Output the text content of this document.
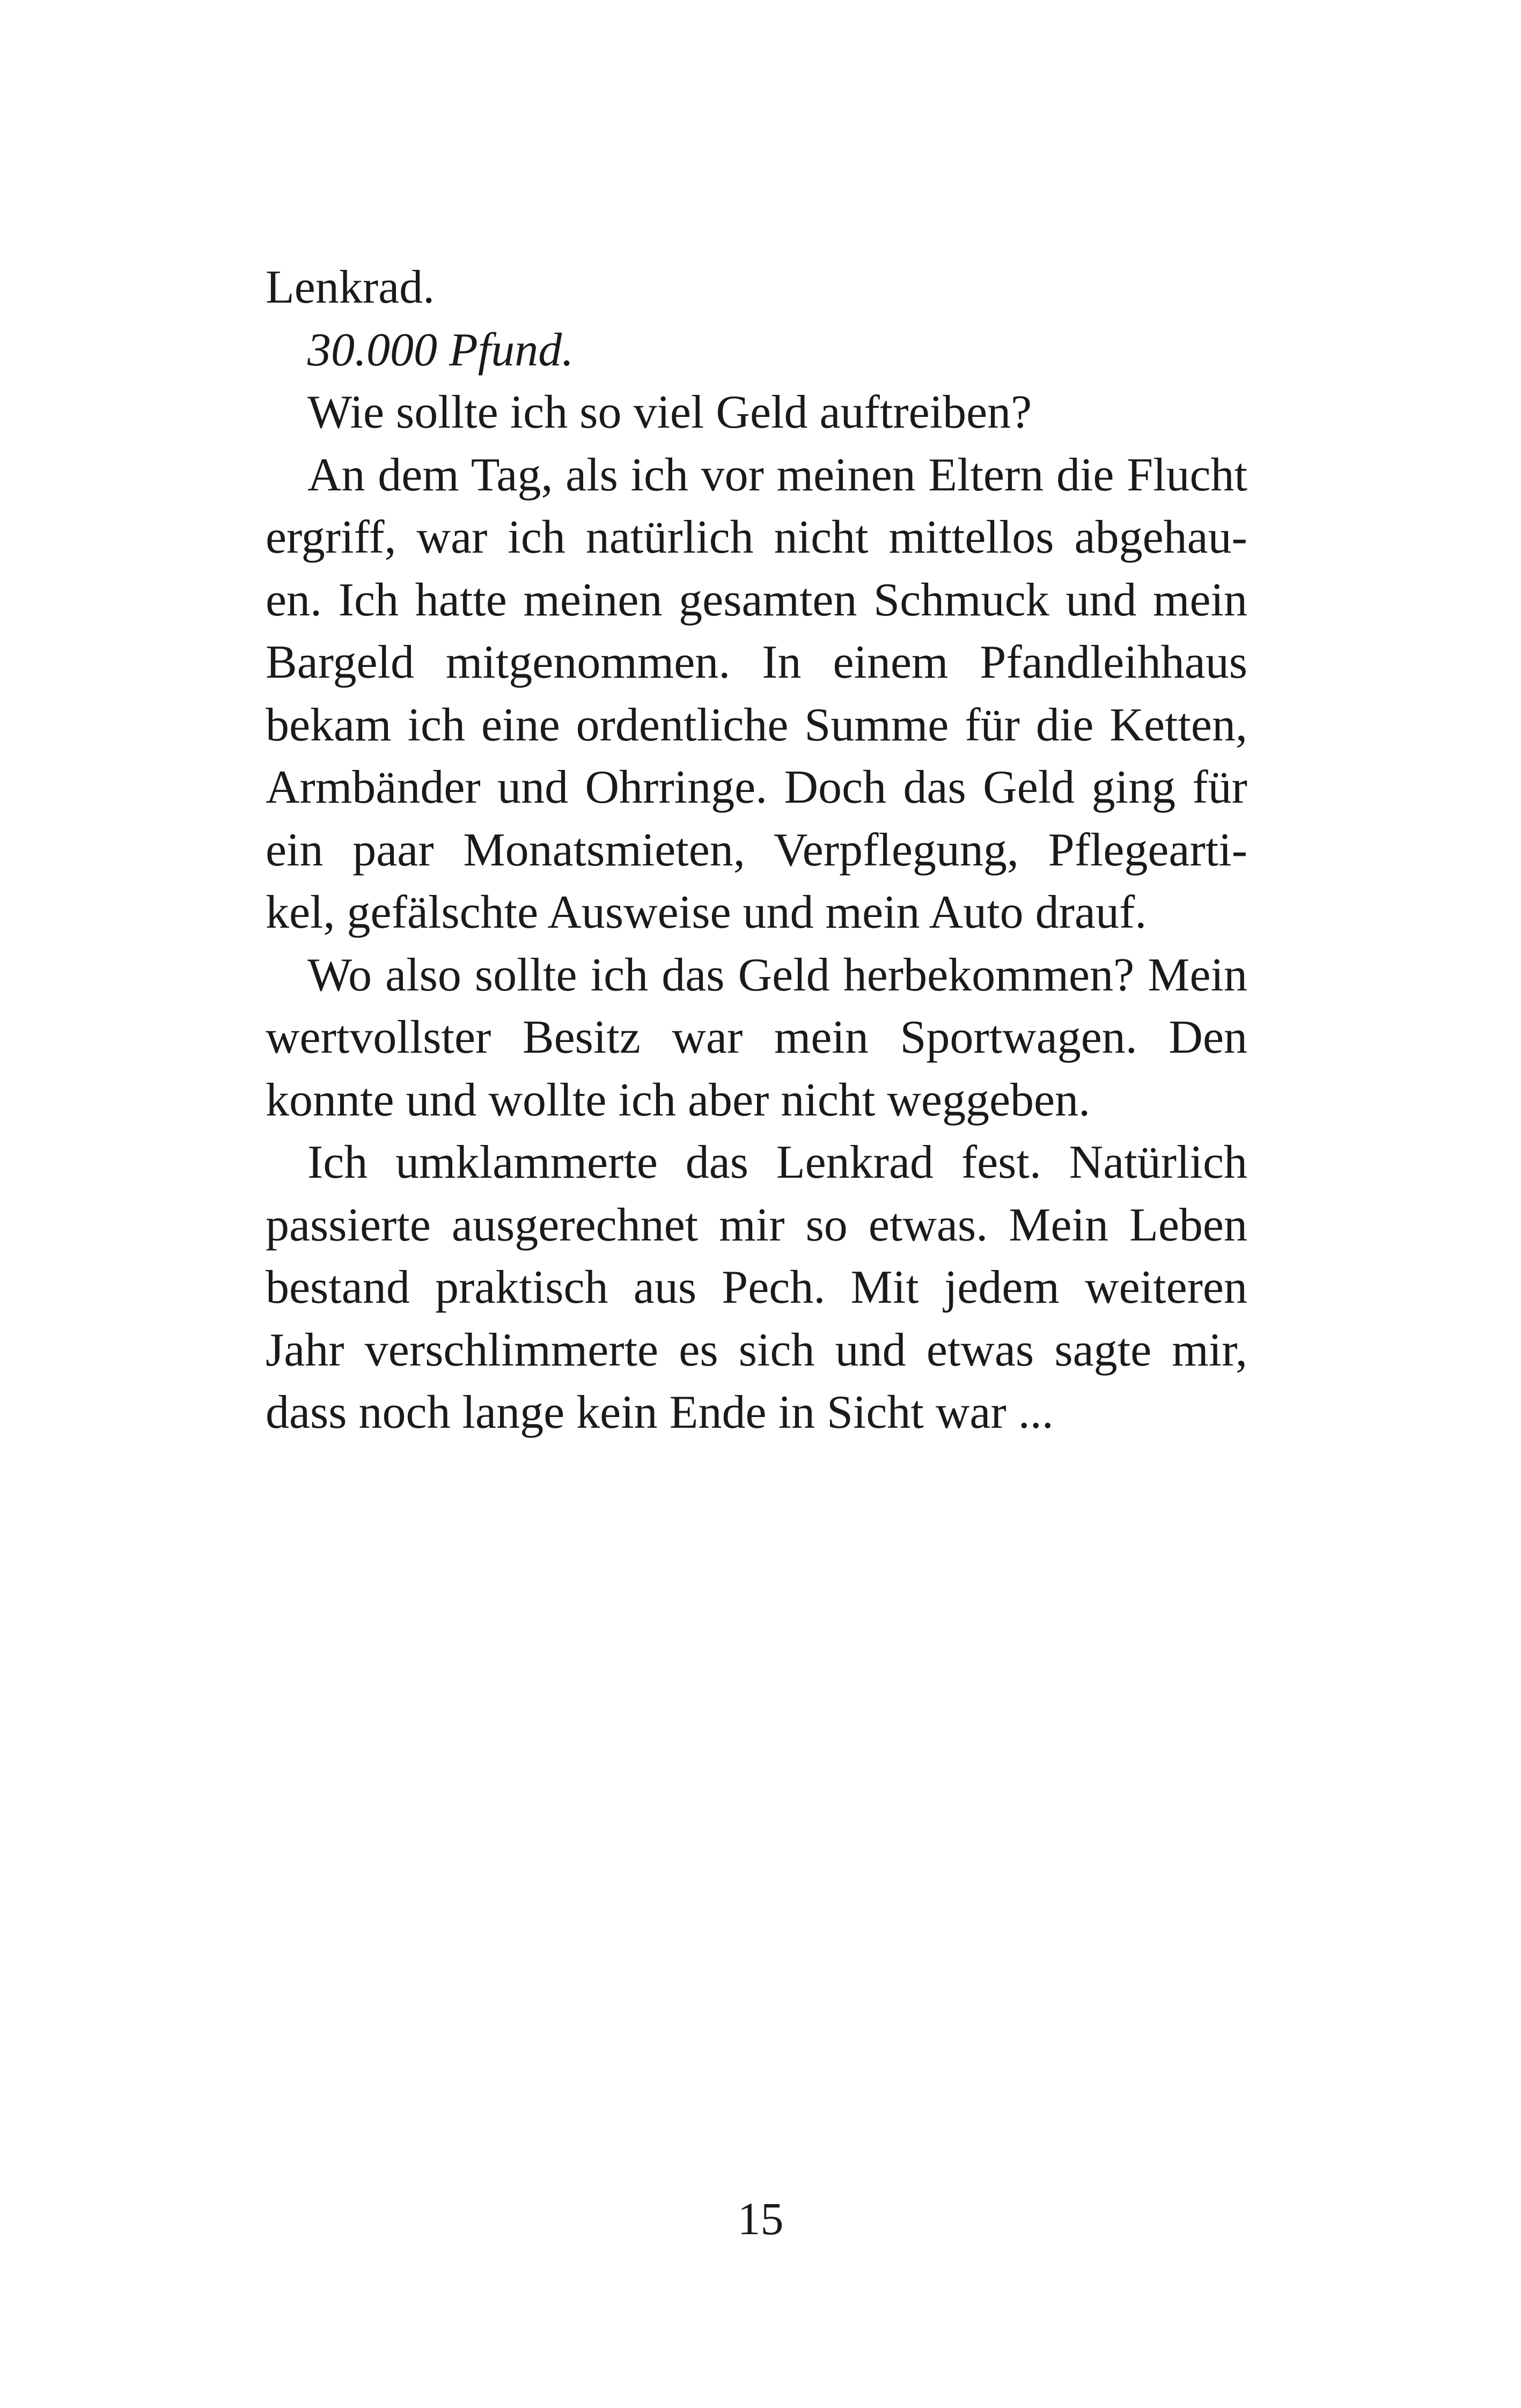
Lenkrad.
30.000 Pfund.
Wie sollte ich so viel Geld auftreiben?
An dem Tag, als ich vor meinen Eltern die Flucht
ergriff, war ich natürlich nicht mittellos abgehau-
en. Ich hatte meinen gesamten Schmuck und mein
Bargeld mitgenommen. In einem Pfandleihhaus
bekam ich eine ordentliche Summe für die Ketten,
Armbänder und Ohrringe. Doch das Geld ging für
ein paar Monatsmieten, Verpflegung, Pflegearti-
kel, gefälschte Ausweise und mein Auto drauf.
Wo also sollte ich das Geld herbekommen? Mein
wertvollster Besitz war mein Sportwagen. Den
konnte und wollte ich aber nicht weggeben.
Ich umklammerte das Lenkrad fest. Natürlich
passierte ausgerechnet mir so etwas. Mein Leben
bestand praktisch aus Pech. Mit jedem weiteren
Jahr verschlimmerte es sich und etwas sagte mir,
dass noch lange kein Ende in Sicht war ...
15
